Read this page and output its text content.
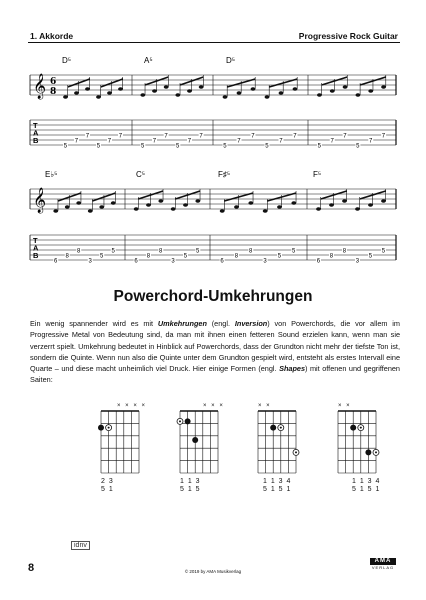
1. Akkorde	Progressive Rock Guitar
𝄞 6
8
T
A
B
5
7
7
5
7
7
5
7
7
5
7
7
5
7
7
5
7
7
5
7
7
5
7
7
D⁵	A⁵	D⁵
𝄞
T
A
B
6
8
8
3
5
5
6
8
8
3
5
5
6
8
8
3
5
5
6
8
8
3
5
5
E♭⁵	C⁵	F♯⁵	F⁵
Powerchord-Umkehrungen

Ein wenig spannender wird es mit Umkehrungen (engl. Inversion) von Powerchords, die vor allem im Progressive Metal von Bedeutung sind, da man mit ihnen einen fetteren Sound erzielen kann, wenn man sie verzerrt spielt. Umkehrung bedeutet in Hinblick auf Powerchords, dass der Grundton nicht mehr der tiefste Ton ist, sondern die Quinte. Wenn nun also die Quinte unter dem Grundton gespielt wird, entsteht als erstes Intervall eine Quarte – und diese macht unheimlich viel Druck. Hier einige Formen (engl. Shapes) mit offenen und gegriffenen Saiten:

2 3
5 1
1 1 3
5 1 5
1 1 3 4
5 1 5 1
1 1 3 4
5 1 5 1
× × × ×	× × ×	× ×	× ×
8	© 2019 by AMA Musikverlag
idnv
AMA
VERLAG
